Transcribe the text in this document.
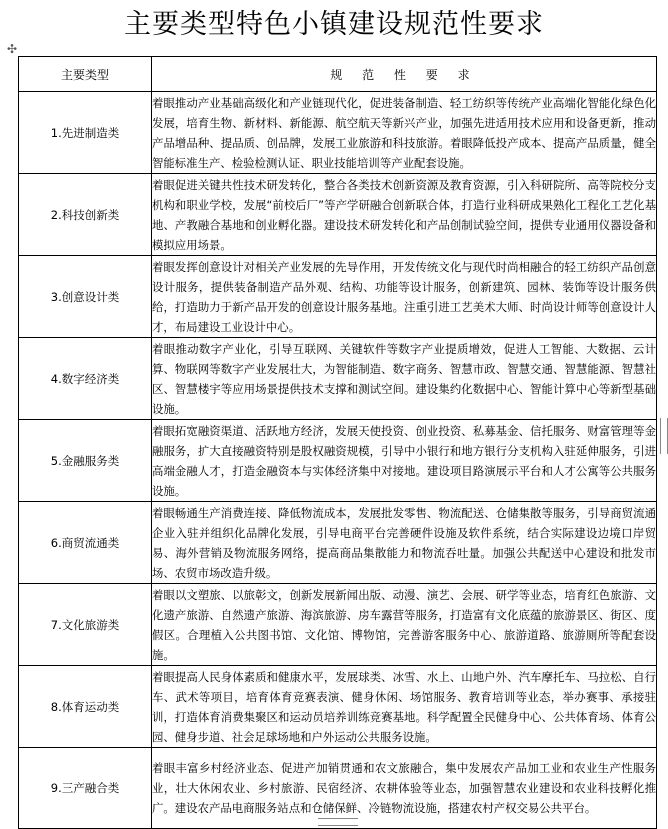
主要类型特色小镇建设规范性要求
✣
主要类型	规 范 性 要 求
1.先进制造类	着眼推动产业基础高级化和产业链现代化，促进装备制造、轻工纺织等传统产业高端化智能化绿色化发展，培育生物、新材料、新能源、航空航天等新兴产业，加强先进适用技术应用和设备更新，推动产品增品种、提品质、创品牌，发展工业旅游和科技旅游。着眼降低投产成本、提高产品质量，健全智能标准生产、检验检测认证、职业技能培训等产业配套设施。
2.科技创新类	着眼促进关键共性技术研发转化，整合各类技术创新资源及教育资源，引入科研院所、高等院校分支机构和职业学校，发展“前校后厂”等产学研融合创新联合体，打造行业科研成果熟化工程化工艺化基地、产教融合基地和创业孵化器。建设技术研发转化和产品创制试验空间，提供专业通用仪器设备和模拟应用场景。
3.创意设计类	着眼发挥创意设计对相关产业发展的先导作用，开发传统文化与现代时尚相融合的轻工纺织产品创意设计服务，提供装备制造产品外观、结构、功能等设计服务，创新建筑、园林、装饰等设计服务供给，打造助力于新产品开发的创意设计服务基地。注重引进工艺美术大师、时尚设计师等创意设计人才，布局建设工业设计中心。
4.数字经济类	着眼推动数字产业化，引导互联网、关键软件等数字产业提质增效，促进人工智能、大数据、云计算、物联网等数字产业发展壮大，为智能制造、数字商务、智慧市政、智慧交通、智慧能源、智慧社区、智慧楼宇等应用场景提供技术支撑和测试空间。建设集约化数据中心、智能计算中心等新型基础设施。
5.金融服务类	着眼拓宽融资渠道、活跃地方经济，发展天使投资、创业投资、私募基金、信托服务、财富管理等金融服务，扩大直接融资特别是股权融资规模，引导中小银行和地方银行分支机构入驻延伸服务，引进高端金融人才，打造金融资本与实体经济集中对接地。建设项目路演展示平台和人才公寓等公共服务设施。
6.商贸流通类	着眼畅通生产消费连接、降低物流成本，发展批发零售、物流配送、仓储集散等服务，引导商贸流通企业入驻并组织化品牌化发展，引导电商平台完善硬件设施及软件系统，结合实际建设边境口岸贸易、海外营销及物流服务网络，提高商品集散能力和物流吞吐量。加强公共配送中心建设和批发市场、农贸市场改造升级。
7.文化旅游类	着眼以文塑旅、以旅彰文，创新发展新闻出版、动漫、演艺、会展、研学等业态，培育红色旅游、文化遗产旅游、自然遗产旅游、海滨旅游、房车露营等服务，打造富有文化底蕴的旅游景区、街区、度假区。合理植入公共图书馆、文化馆、博物馆，完善游客服务中心、旅游道路、旅游厕所等配套设施。
8.体育运动类	着眼提高人民身体素质和健康水平，发展球类、冰雪、水上、山地户外、汽车摩托车、马拉松、自行车、武术等项目，培育体育竞赛表演、健身休闲、场馆服务、教育培训等业态，举办赛事、承接驻训，打造体育消费集聚区和运动员培养训练竞赛基地。科学配置全民健身中心、公共体育场、体育公园、健身步道、社会足球场地和户外运动公共服务设施。
9.三产融合类	着眼丰富乡村经济业态、促进产加销贯通和农文旅融合，集中发展农产品加工业和农业生产性服务业，壮大休闲农业、乡村旅游、民宿经济、农耕体验等业态，加强智慧农业建设和农业科技孵化推广。建设农产品电商服务站点和仓储保鲜、冷链物流设施，搭建农村产权交易公共平台。
